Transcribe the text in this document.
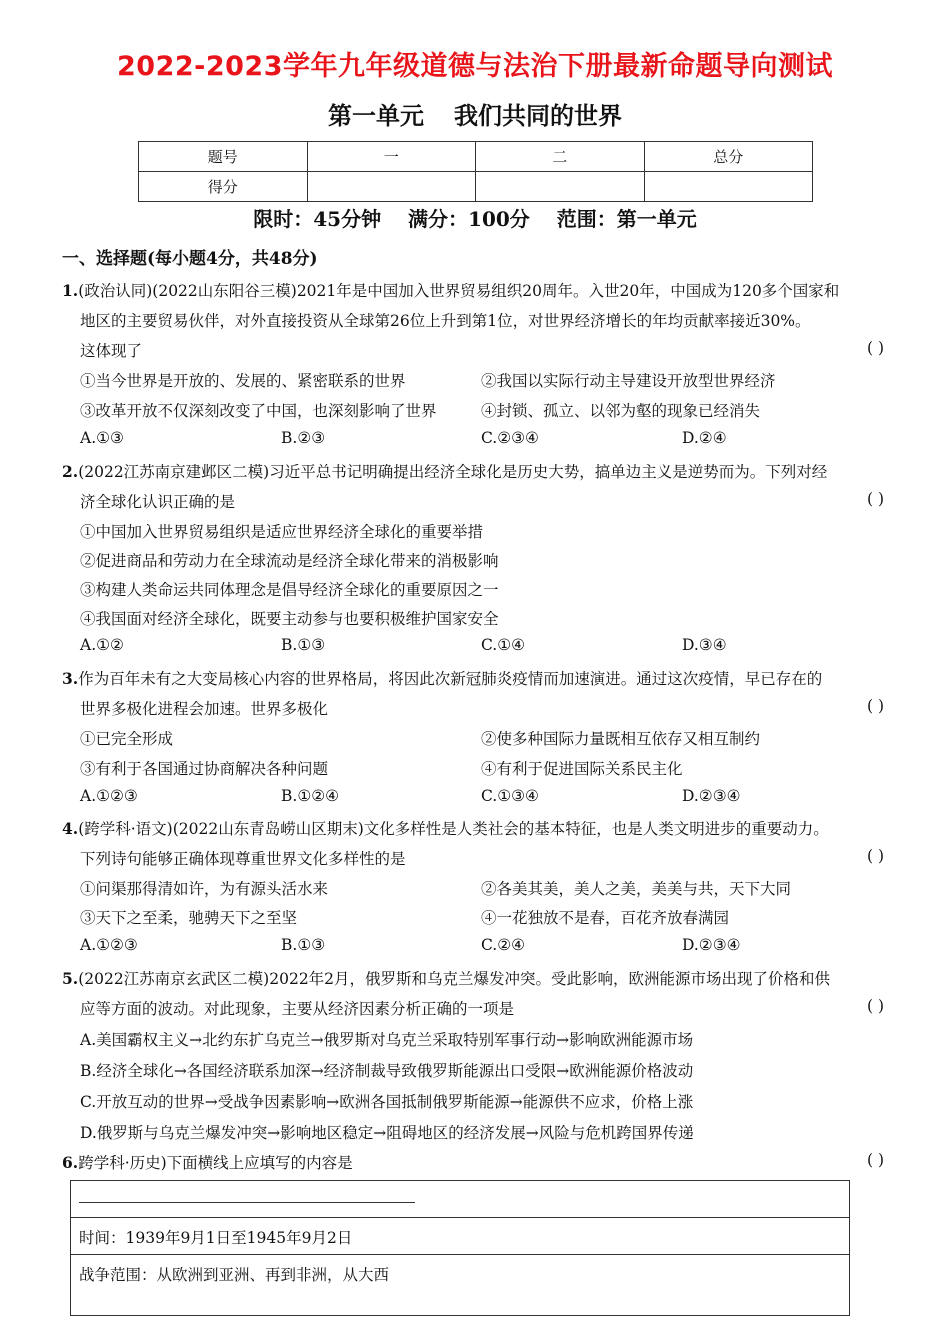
2022-2023学年九年级道德与法治下册最新命题导向测试
第一单元 我们共同的世界
题号	一	二	总分
得分			
限时：45分钟 满分：100分 范围：第一单元
一、选择题(每小题4分，共48分)
1.(政治认同)(2022山东阳谷三模)2021年是中国加入世界贸易组织20周年。入世20年，中国成为120多个国家和
地区的主要贸易伙伴，对外直接投资从全球第26位上升到第1位，对世界经济增长的年均贡献率接近30%。
这体现了	( )
①当今世界是开放的、发展的、紧密联系的世界	②我国以实际行动主导建设开放型世界经济
③改革开放不仅深刻改变了中国，也深刻影响了世界	④封锁、孤立、以邻为壑的现象已经消失
A.①③	B.②③	C.②③④	D.②④
2.(2022江苏南京建邺区二模)习近平总书记明确提出经济全球化是历史大势，搞单边主义是逆势而为。下列对经
济全球化认识正确的是	( )
①中国加入世界贸易组织是适应世界经济全球化的重要举措
②促进商品和劳动力在全球流动是经济全球化带来的消极影响
③构建人类命运共同体理念是倡导经济全球化的重要原因之一
④我国面对经济全球化，既要主动参与也要积极维护国家安全
A.①②	B.①③	C.①④	D.③④
3.作为百年未有之大变局核心内容的世界格局，将因此次新冠肺炎疫情而加速演进。通过这次疫情，早已存在的
世界多极化进程会加速。世界多极化	( )
①已完全形成	②使多种国际力量既相互依存又相互制约
③有利于各国通过协商解决各种问题	④有利于促进国际关系民主化
A.①②③	B.①②④	C.①③④	D.②③④
4.(跨学科·语文)(2022山东青岛崂山区期末)文化多样性是人类社会的基本特征，也是人类文明进步的重要动力。
下列诗句能够正确体现尊重世界文化多样性的是	( )
①问渠那得清如许，为有源头活水来	②各美其美，美人之美，美美与共，天下大同
③天下之至柔，驰骋天下之至坚	④一花独放不是春，百花齐放春满园
A.①②③	B.①③	C.②④	D.②③④
5.(2022江苏南京玄武区二模)2022年2月，俄罗斯和乌克兰爆发冲突。受此影响，欧洲能源市场出现了价格和供
应等方面的波动。对此现象，主要从经济因素分析正确的一项是	( )
A.美国霸权主义→北约东扩乌克兰→俄罗斯对乌克兰采取特别军事行动→影响欧洲能源市场
B.经济全球化→各国经济联系加深→经济制裁导致俄罗斯能源出口受限→欧洲能源价格波动
C.开放互动的世界→受战争因素影响→欧洲各国抵制俄罗斯能源→能源供不应求，价格上涨
D.俄罗斯与乌克兰爆发冲突→影响地区稳定→阻碍地区的经济发展→风险与危机跨国界传递
6.跨学科·历史)下面横线上应填写的内容是	( )
时间：1939年9月1日至1945年9月2日
战争范围：从欧洲到亚洲、再到非洲，从大西
